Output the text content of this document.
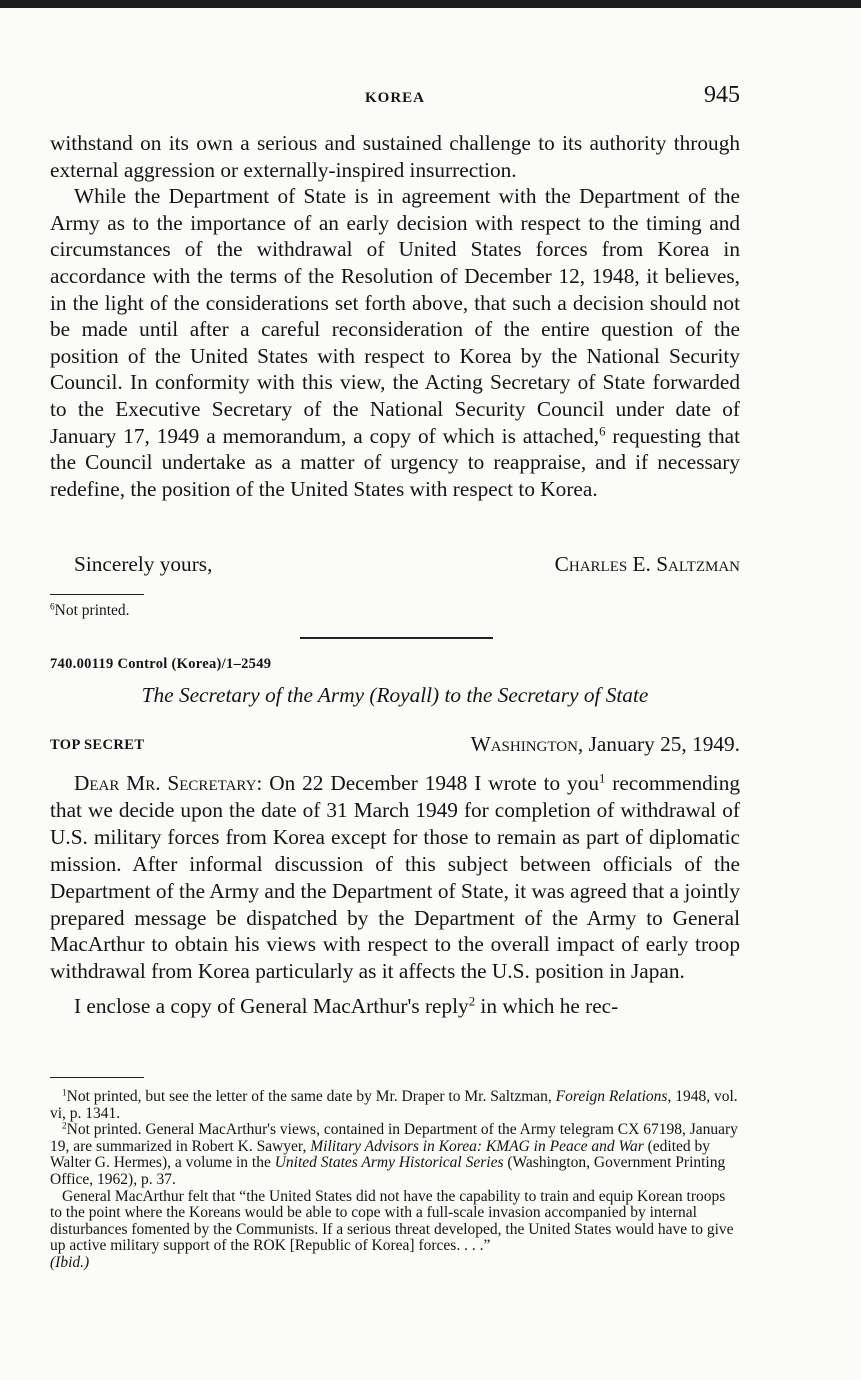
KOREA	945

withstand on its own a serious and sustained challenge to its authority through external aggression or externally-inspired insurrection.

While the Department of State is in agreement with the Department of the Army as to the importance of an early decision with respect to the timing and circumstances of the withdrawal of United States forces from Korea in accordance with the terms of the Resolution of December 12, 1948, it believes, in the light of the considerations set forth above, that such a decision should not be made until after a careful reconsideration of the entire question of the position of the United States with respect to Korea by the National Security Council. In conformity with this view, the Acting Secretary of State forwarded to the Executive Secretary of the National Security Council under date of January 17, 1949 a memorandum, a copy of which is attached,$^6$ requesting that the Council undertake as a matter of urgency to reappraise, and if necessary redefine, the position of the United States with respect to Korea.

Sincerely yours,	Charles E. Saltzman

$^6$Not printed.

740.00119 Control (Korea)/1–2549
The Secretary of the Army (Royall) to the Secretary of State
TOP SECRET	Washington, January 25, 1949.

Dear Mr. Secretary: On 22 December 1948 I wrote to you$^1$ recommending that we decide upon the date of 31 March 1949 for completion of withdrawal of U.S. military forces from Korea except for those to remain as part of diplomatic mission. After informal discussion of this subject between officials of the Department of the Army and the Department of State, it was agreed that a jointly prepared message be dispatched by the Department of the Army to General MacArthur to obtain his views with respect to the overall impact of early troop withdrawal from Korea particularly as it affects the U.S. position in Japan.

I enclose a copy of General MacArthur's reply$^2$ in which he rec-

$^1$Not printed, but see the letter of the same date by Mr. Draper to Mr. Saltzman, Foreign Relations, 1948, vol. vi, p. 1341.

$^2$Not printed. General MacArthur's views, contained in Department of the Army telegram CX 67198, January 19, are summarized in Robert K. Sawyer, Military Advisors in Korea: KMAG in Peace and War (edited by Walter G. Hermes), a volume in the United States Army Historical Series (Washington, Government Printing Office, 1962), p. 37.

General MacArthur felt that “the United States did not have the capability to train and equip Korean troops to the point where the Koreans would be able to cope with a full-scale invasion accompanied by internal disturbances fomented by the Communists. If a serious threat developed, the United States would have to give up active military support of the ROK [Republic of Korea] forces. . . .”

(Ibid.)
